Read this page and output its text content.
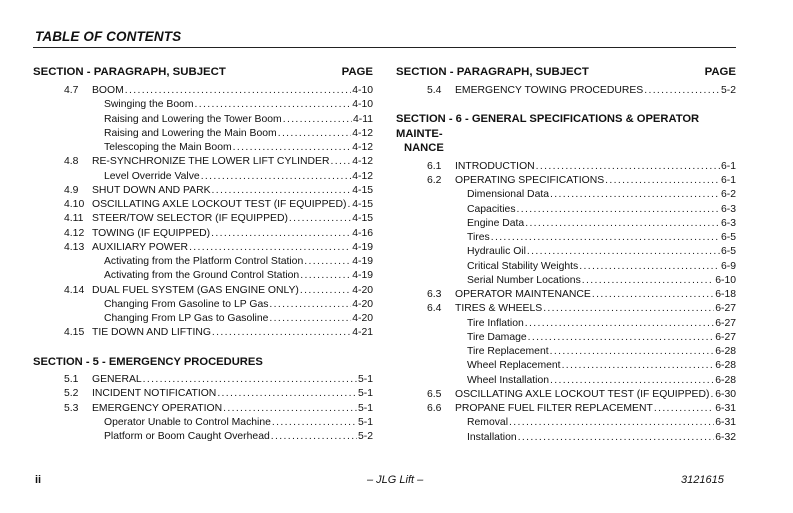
TABLE OF CONTENTS
SECTION - PARAGRAPH, SUBJECT	PAGE
4.7 BOOM .....	4-10
Swinging the Boom .....	4-10
Raising and Lowering the Tower Boom .....	4-11
Raising and Lowering the Main Boom .....	4-12
Telescoping the Main Boom .....	4-12
4.8 RE-SYNCHRONIZE THE LOWER LIFT CYLINDER ..... 4-12
Level Override Valve .....	4-12
4.9 SHUT DOWN AND PARK .....	4-15
4.10 OSCILLATING AXLE LOCKOUT TEST (IF EQUIPPED) ..... 4-15
4.11 STEER/TOW SELECTOR (IF EQUIPPED) .....	4-15
4.12 TOWING (IF EQUIPPED) .....	4-16
4.13 AUXILIARY POWER .....	4-19
Activating from the Platform Control Station .....	4-19
Activating from the Ground Control Station .....	4-19
4.14 DUAL FUEL SYSTEM (GAS ENGINE ONLY) .....	4-20
Changing From Gasoline to LP Gas .....	4-20
Changing From LP Gas to Gasoline .....	4-20
4.15 TIE DOWN AND LIFTING .....	4-21
SECTION - 5 - EMERGENCY PROCEDURES
5.1 GENERAL .....	5-1
5.2 INCIDENT NOTIFICATION .....	5-1
5.3 EMERGENCY OPERATION .....	5-1
Operator Unable to Control Machine .....	5-1
Platform or Boom Caught Overhead .....	5-2
SECTION - PARAGRAPH, SUBJECT	PAGE
5.4 EMERGENCY TOWING PROCEDURES .....	5-2
SECTION - 6 - GENERAL SPECIFICATIONS & OPERATOR MAINTE-
NANCE
6.1 INTRODUCTION .....	6-1
6.2 OPERATING SPECIFICATIONS .....	6-1
Dimensional Data .....	6-2
Capacities .....	6-3
Engine Data .....	6-3
Tires .....	6-5
Hydraulic Oil .....	6-5
Critical Stability Weights .....	6-9
Serial Number Locations .....	6-10
6.3 OPERATOR MAINTENANCE .....	6-18
6.4 TIRES & WHEELS .....	6-27
Tire Inflation .....	6-27
Tire Damage .....	6-27
Tire Replacement .....	6-28
Wheel Replacement .....	6-28
Wheel Installation .....	6-28
6.5 OSCILLATING AXLE LOCKOUT TEST (IF EQUIPPED) ..... 6-30
6.6 PROPANE FUEL FILTER REPLACEMENT .....	6-31
Removal .....	6-31
Installation .....	6-32
ii	– JLG Lift –	3121615
